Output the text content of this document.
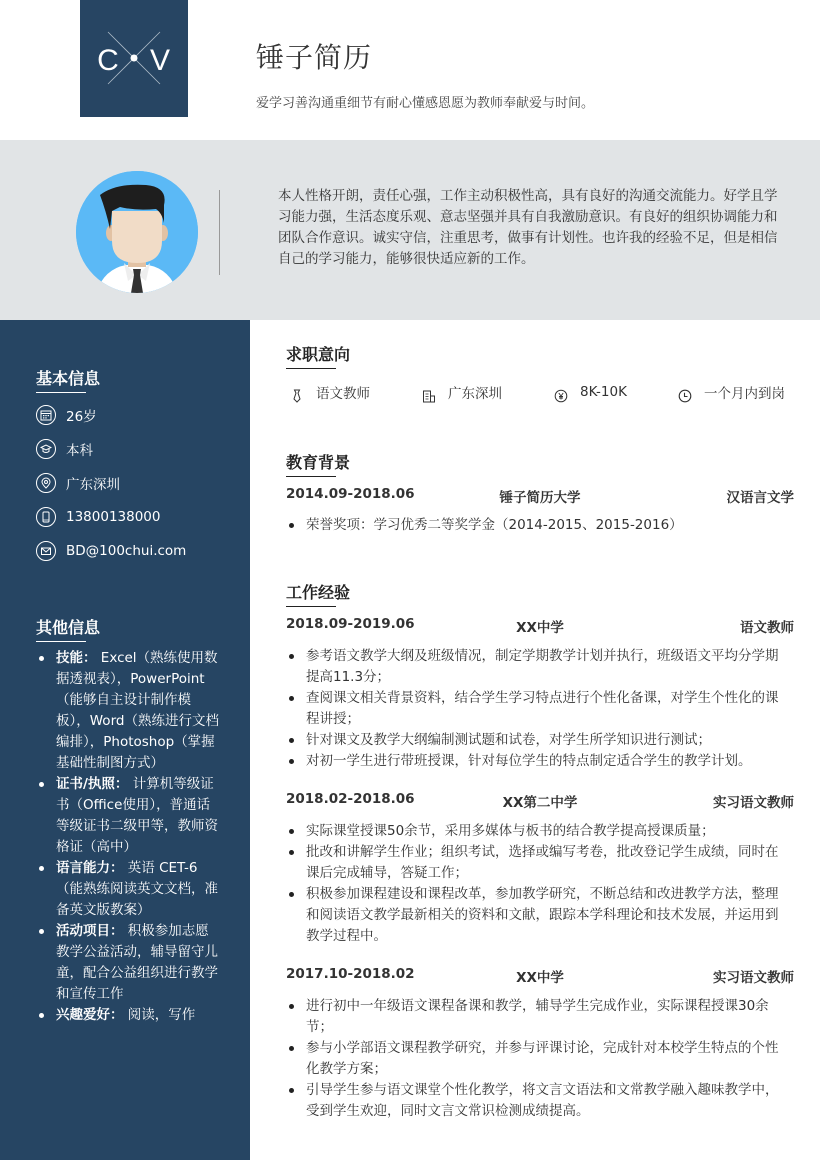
C V	锤子简历
爱学习善沟通重细节有耐心懂感恩愿为教师奉献爱与时间。
本人性格开朗，责任心强，工作主动积极性高，具有良好的沟通交流能力。好学且学习能力强，生活态度乐观、意志坚强并具有自我激励意识。有良好的组织协调能力和团队合作意识。诚实守信，注重思考，做事有计划性。也许我的经验不足，但是相信自己的学习能力，能够很快适应新的工作。
基本信息
26岁
本科
广东深圳
13800138000
BD@100chui.com
其他信息
技能： Excel（熟练使用数据透视表），PowerPoint（能够自主设计制作模板），Word（熟练进行文档编排），Photoshop（掌握基础性制图方式）
证书/执照： 计算机等级证书（Office使用），普通话等级证书二级甲等，教师资格证（高中）
语言能力： 英语 CET-6（能熟练阅读英文文档，准备英文版教案）
活动项目： 积极参加志愿教学公益活动，辅导留守儿童，配合公益组织进行教学和宣传工作
兴趣爱好： 阅读，写作
求职意向
语文教师	广东深圳	8K-10K	一个月内到岗
教育背景
锤子简历大学
2014.09-2018.06	汉语言文学
荣誉奖项：学习优秀二等奖学金（2014-2015、2015-2016）
工作经验
XX中学
2018.09-2019.06	语文教师
参考语文教学大纲及班级情况，制定学期教学计划并执行，班级语文平均分学期提高11.3分；
查阅课文相关背景资料，结合学生学习特点进行个性化备课，对学生个性化的课程讲授；
针对课文及教学大纲编制测试题和试卷，对学生所学知识进行测试；
对初一学生进行带班授课，针对每位学生的特点制定适合学生的教学计划。
XX第二中学
2018.02-2018.06	实习语文教师
实际课堂授课50余节，采用多媒体与板书的结合教学提高授课质量；
批改和讲解学生作业；组织考试，选择或编写考卷，批改登记学生成绩，同时在课后完成辅导，答疑工作；
积极参加课程建设和课程改革，参加教学研究，不断总结和改进教学方法，整理和阅读语文教学最新相关的资料和文献，跟踪本学科理论和技术发展，并运用到教学过程中。
XX中学
2017.10-2018.02	实习语文教师
进行初中一年级语文课程备课和教学，辅导学生完成作业，实际课程授课30余节；
参与小学部语文课程教学研究，并参与评课讨论，完成针对本校学生特点的个性化教学方案；
引导学生参与语文课堂个性化教学，将文言文语法和文常教学融入趣味教学中，受到学生欢迎，同时文言文常识检测成绩提高。
